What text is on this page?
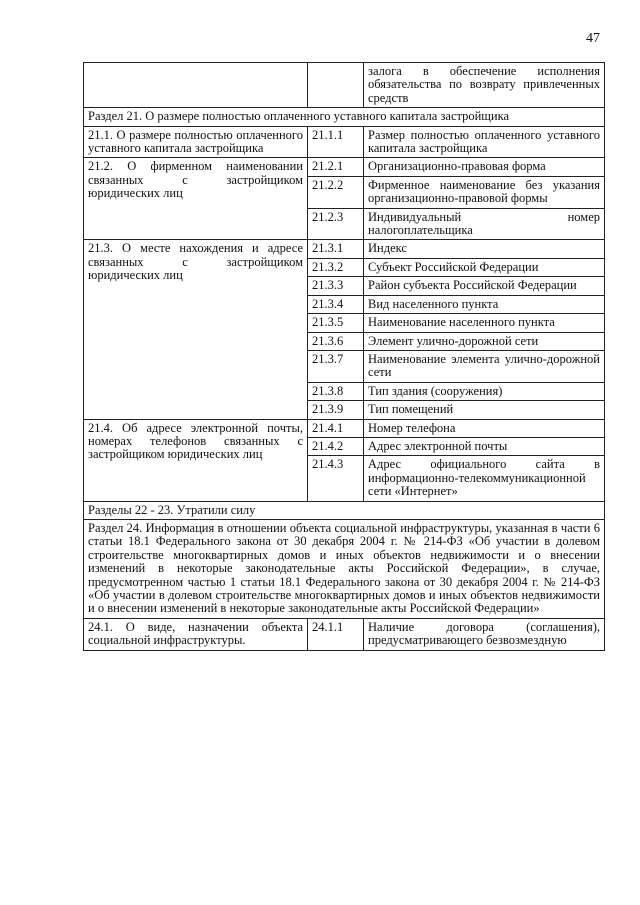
47
		залога в обеспечение исполнения обязательства по возврату привлеченных средств
Раздел 21. О размере полностью оплаченного уставного капитала застройщика		
21.1. О размере полностью оплаченного уставного капитала застройщика	21.1.1	Размер полностью оплаченного уставного капитала застройщика
21.2. О фирменном наименовании связанных с застройщиком юридических лиц	21.2.1	Организационно-правовая форма
	21.2.2	Фирменное наименование без указания организационно-правовой формы
	21.2.3	Индивидуальный номер налогоплательщика
21.3. О месте нахождения и адресе связанных с застройщиком юридических лиц	21.3.1	Индекс
	21.3.2	Субъект Российской Федерации
	21.3.3	Район субъекта Российской Федерации
	21.3.4	Вид населенного пункта
	21.3.5	Наименование населенного пункта
	21.3.6	Элемент улично-дорожной сети
	21.3.7	Наименование элемента улично-дорожной сети
	21.3.8	Тип здания (сооружения)
	21.3.9	Тип помещений
21.4. Об адресе электронной почты, номерах телефонов связанных с застройщиком юридических лиц	21.4.1	Номер телефона
	21.4.2	Адрес электронной почты
	21.4.3	Адрес официального сайта в информационно-телекоммуникационной сети «Интернет»
Разделы 22 - 23. Утратили силу		
Раздел 24. Информация в отношении объекта социальной инфраструктуры, указанная в части 6 статьи 18.1 Федерального закона от 30 декабря 2004 г. № 214-ФЗ «Об участии в долевом строительстве многоквартирных домов и иных объектов недвижимости и о внесении изменений в некоторые законодательные акты Российской Федерации», в случае, предусмотренном частью 1 статьи 18.1 Федерального закона от 30 декабря 2004 г. № 214-ФЗ «Об участии в долевом строительстве многоквартирных домов и иных объектов недвижимости и о внесении изменений в некоторые законодательные акты Российской Федерации»		
24.1. О виде, назначении объекта социальной инфраструктуры.	24.1.1	Наличие договора (соглашения), предусматривающего безвозмездную
